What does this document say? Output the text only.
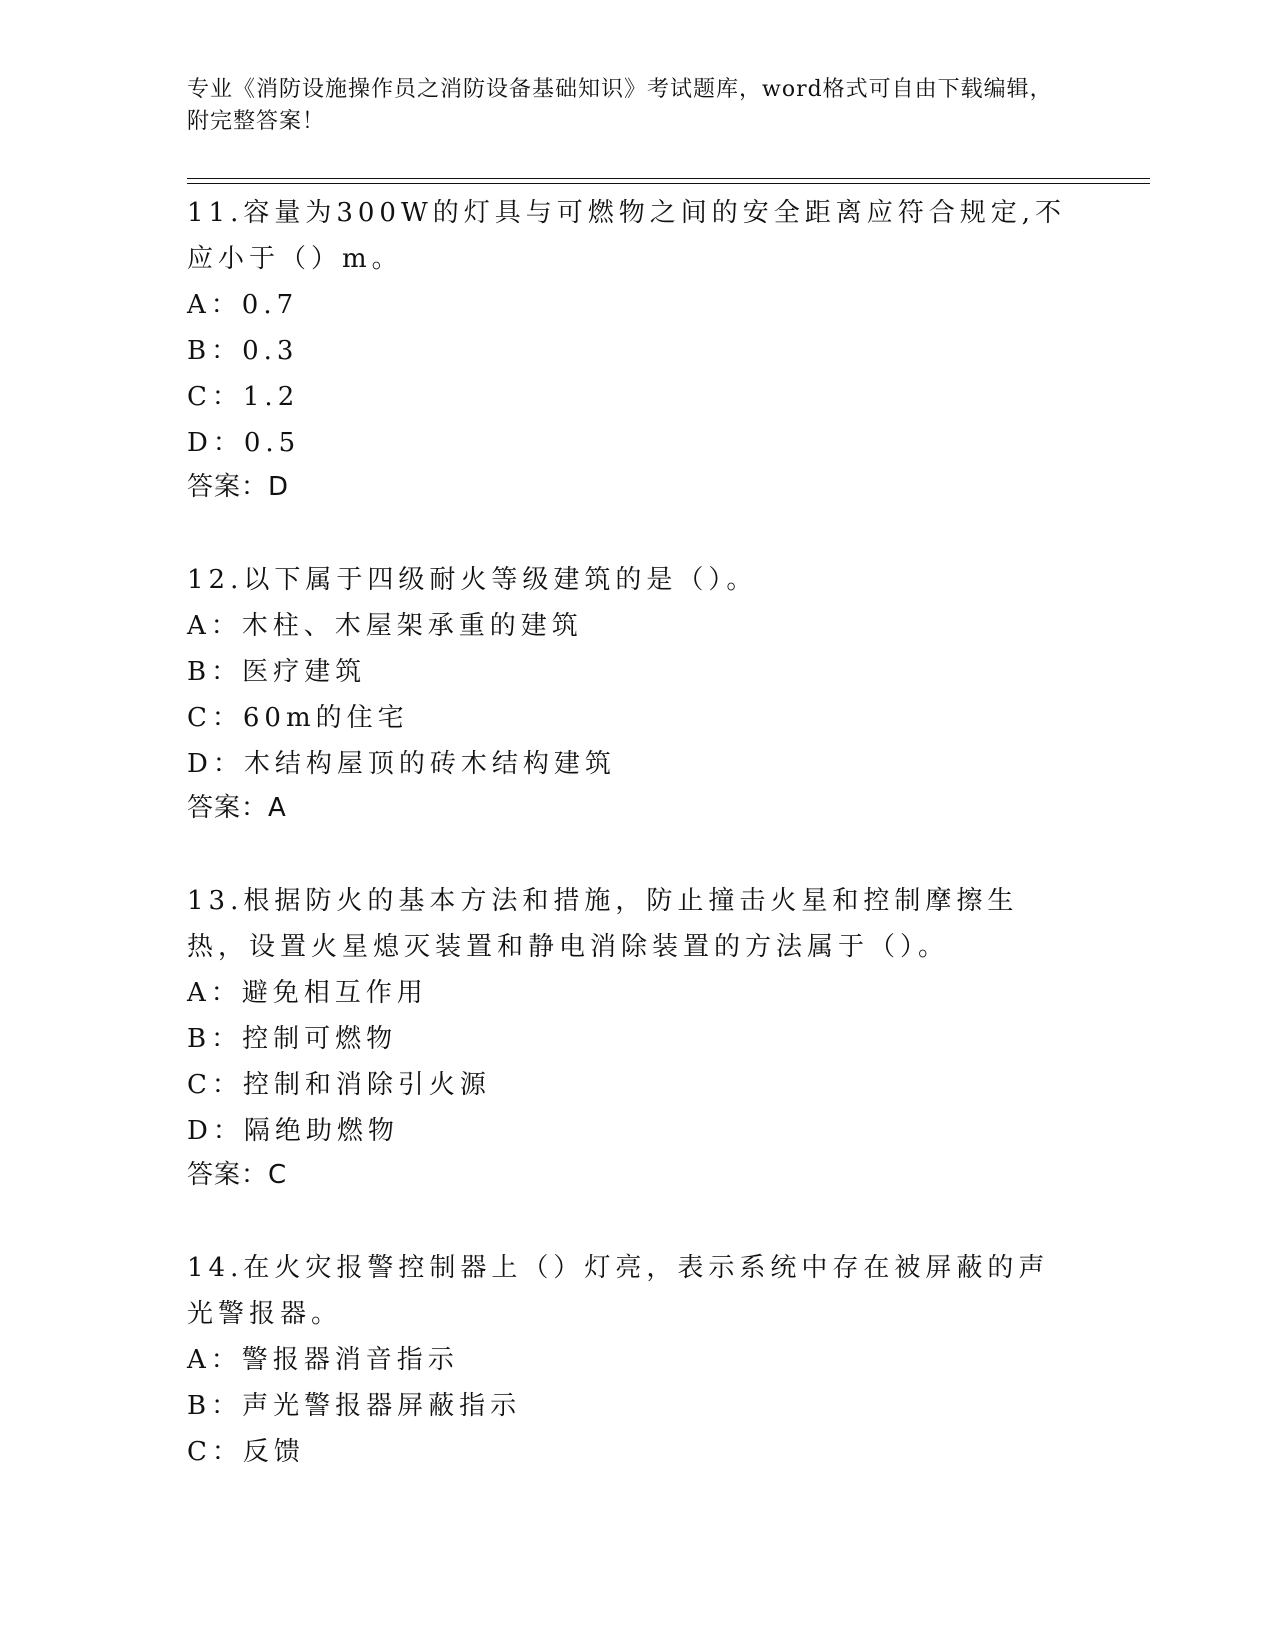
专业《消防设施操作员之消防设备基础知识》考试题库，word格式可自由下载编辑，附完整答案！
11.容量为300W的灯具与可燃物之间的安全距离应符合规定,不应小于（）m。
A：0.7
B：0.3
C：1.2
D：0.5
答案：D
12.以下属于四级耐火等级建筑的是（）。
A：木柱、木屋架承重的建筑
B：医疗建筑
C：60m的住宅
D：木结构屋顶的砖木结构建筑
答案：A
13.根据防火的基本方法和措施，防止撞击火星和控制摩擦生热，设置火星熄灭装置和静电消除装置的方法属于（）。
A：避免相互作用
B：控制可燃物
C：控制和消除引火源
D：隔绝助燃物
答案：C
14.在火灾报警控制器上（）灯亮，表示系统中存在被屏蔽的声光警报器。
A：警报器消音指示
B：声光警报器屏蔽指示
C：反馈
